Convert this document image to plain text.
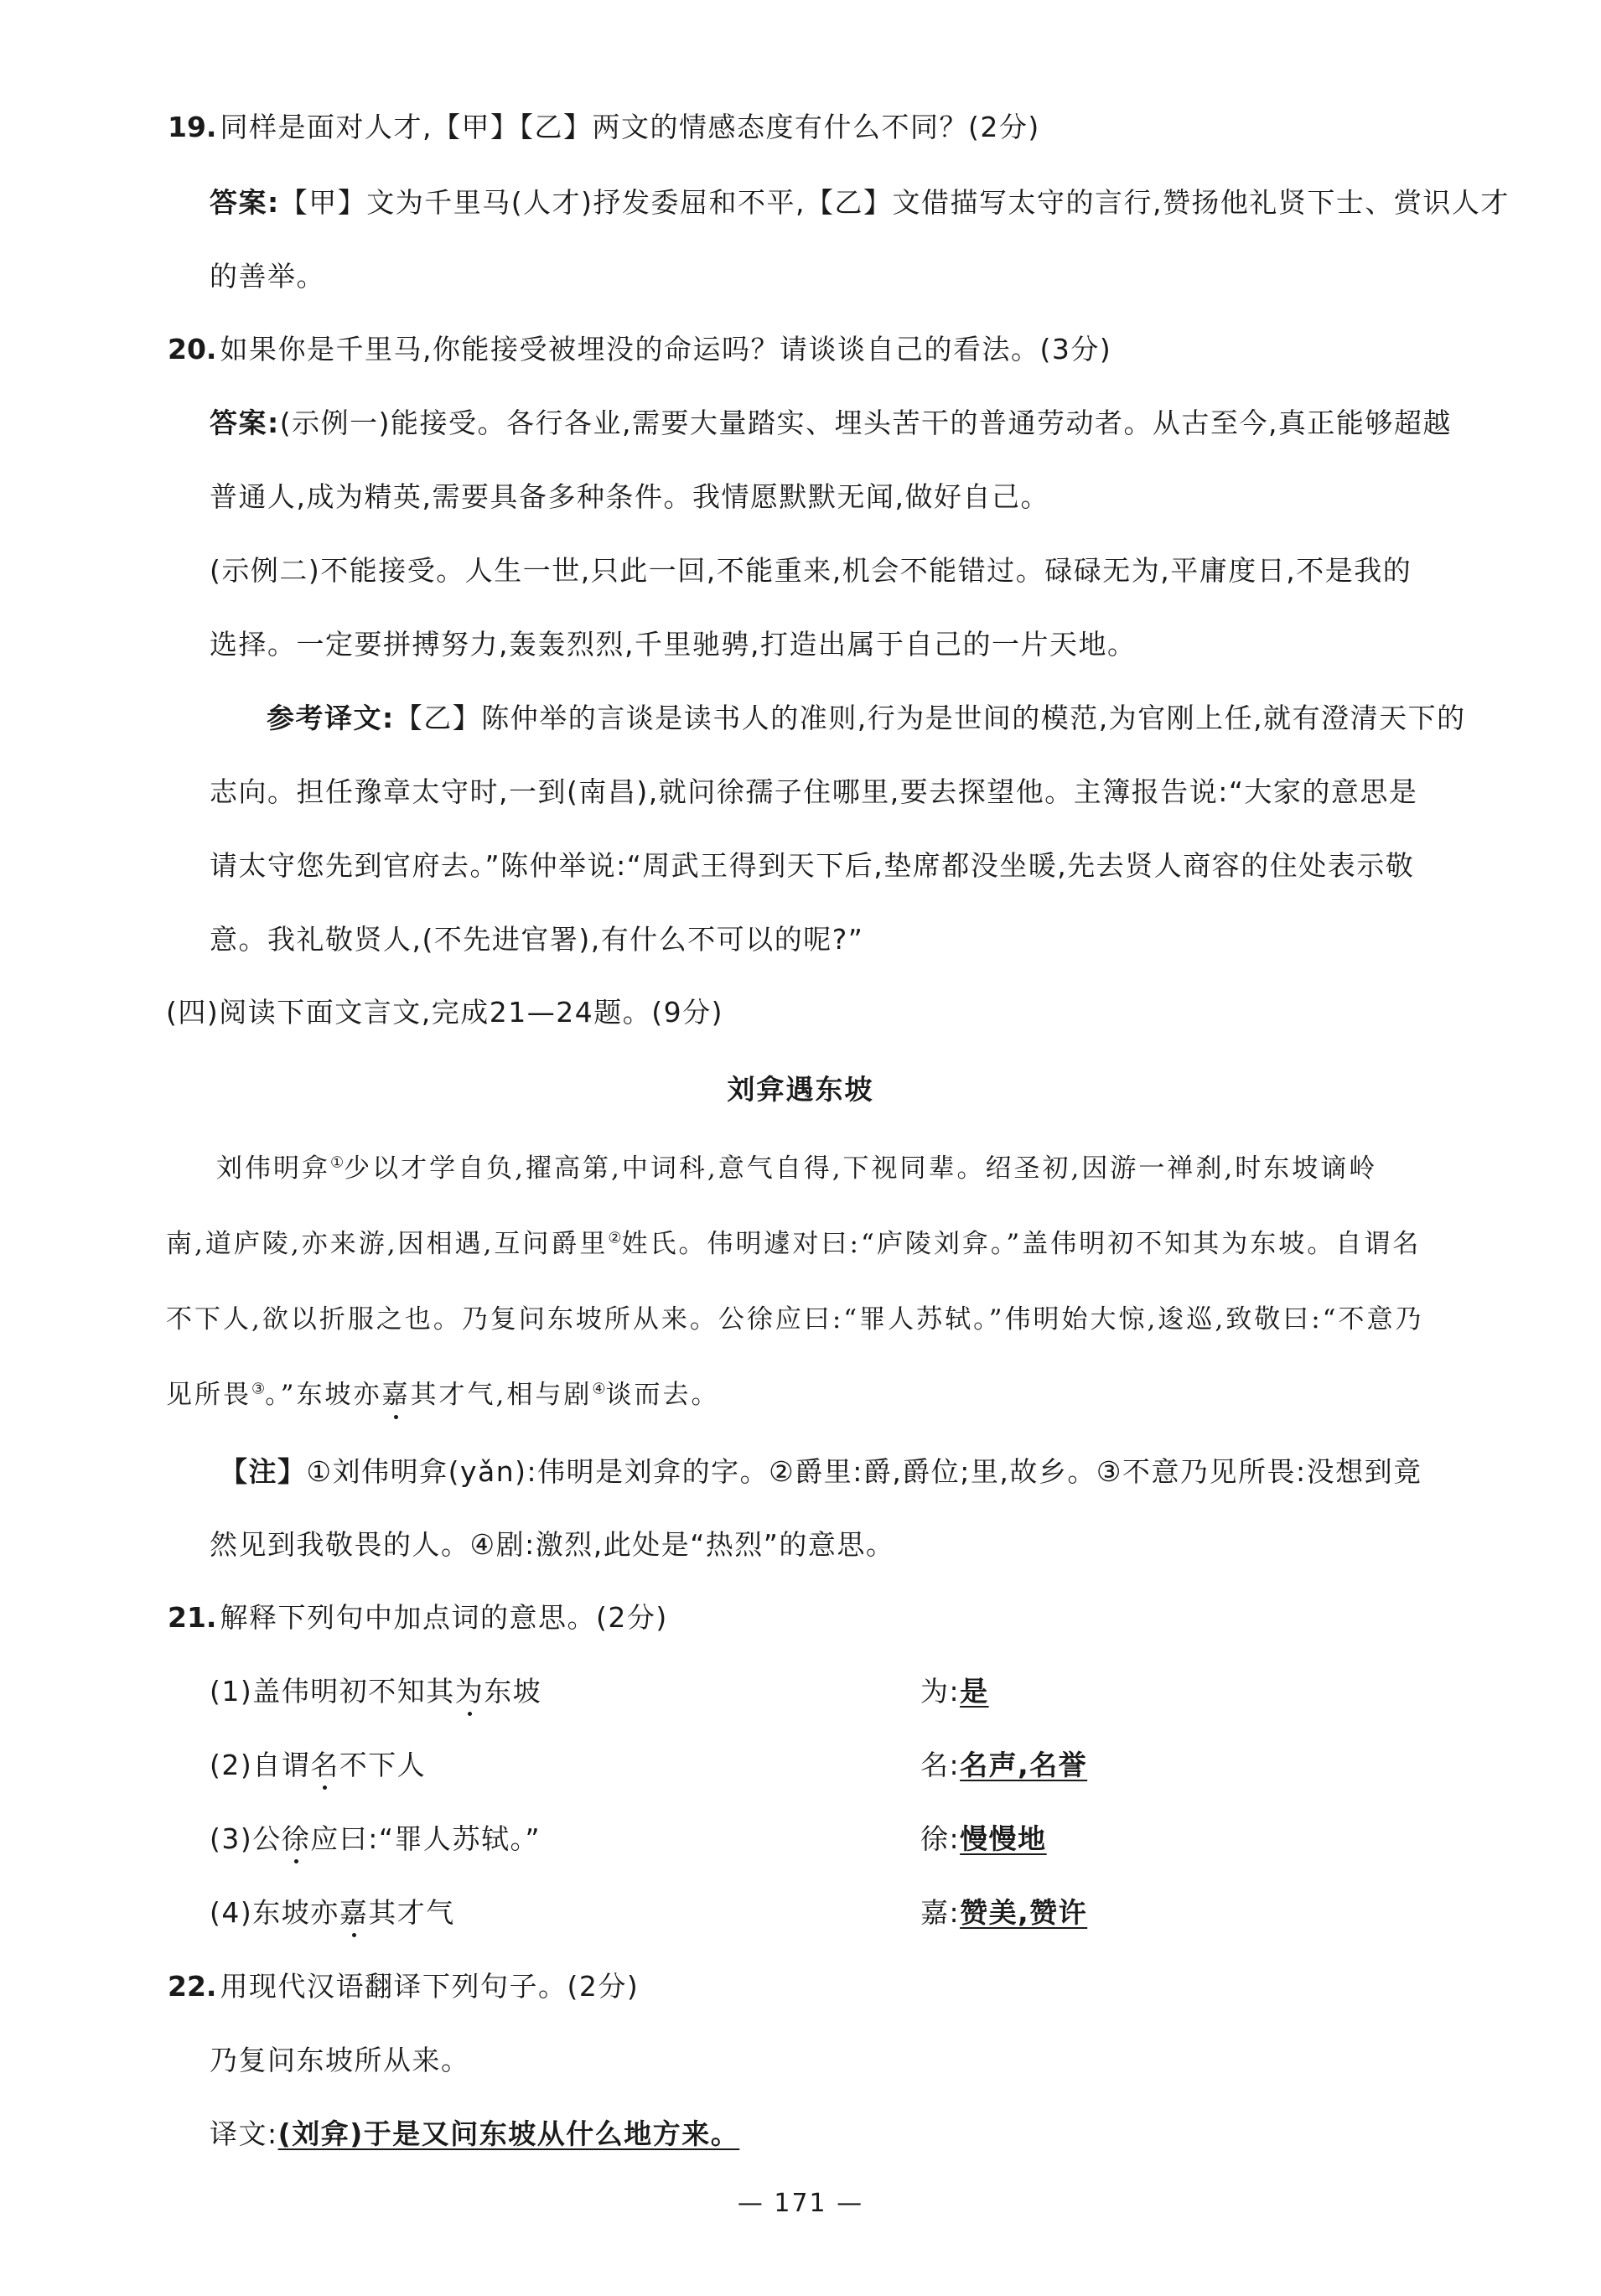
19. 同样是面对人才,【甲】【乙】两文的情感态度有什么不同？(2分)
答案:【甲】文为千里马(人才)抒发委屈和不平,【乙】文借描写太守的言行,赞扬他礼贤下士、赏识人才
的善举。
20. 如果你是千里马,你能接受被埋没的命运吗？请谈谈自己的看法。(3分)
答案:(示例一)能接受。各行各业,需要大量踏实、埋头苦干的普通劳动者。从古至今,真正能够超越
普通人,成为精英,需要具备多种条件。我情愿默默无闻,做好自己。
(示例二)不能接受。人生一世,只此一回,不能重来,机会不能错过。碌碌无为,平庸度日,不是我的
选择。一定要拼搏努力,轰轰烈烈,千里驰骋,打造出属于自己的一片天地。
参考译文:【乙】陈仲举的言谈是读书人的准则,行为是世间的模范,为官刚上任,就有澄清天下的
志向。担任豫章太守时,一到(南昌),就问徐孺子住哪里,要去探望他。主簿报告说:“大家的意思是
请太守您先到官府去。”陈仲举说:“周武王得到天下后,垫席都没坐暖,先去贤人商容的住处表示敬
意。我礼敬贤人,(不先进官署),有什么不可以的呢?”
(四)阅读下面文言文,完成21—24题。(9分)
刘弇遇东坡
刘伟明弇①少以才学自负,擢高第,中词科,意气自得,下视同辈。绍圣初,因游一禅刹,时东坡谪岭
南,道庐陵,亦来游,因相遇,互问爵里②姓氏。伟明遽对曰:“庐陵刘弇。”盖伟明初不知其为东坡。自谓名
不下人,欲以折服之也。乃复问东坡所从来。公徐应曰:“罪人苏轼。”伟明始大惊,逡巡,致敬曰:“不意乃
见所畏③。”东坡亦嘉其才气,相与剧④谈而去。
【注】①刘伟明弇(yǎn):伟明是刘弇的字。②爵里:爵,爵位;里,故乡。③不意乃见所畏:没想到竟
然见到我敬畏的人。④剧:激烈,此处是“热烈”的意思。
21. 解释下列句中加点词的意思。(2分)
(1)盖伟明初不知其为东坡	为:是
(2)自谓名不下人	名:名声,名誉
(3)公徐应曰:“罪人苏轼。”	徐:慢慢地
(4)东坡亦嘉其才气	嘉:赞美,赞许
22. 用现代汉语翻译下列句子。(2分)
乃复问东坡所从来。
译文:(刘弇)于是又问东坡从什么地方来。
— 171 —
